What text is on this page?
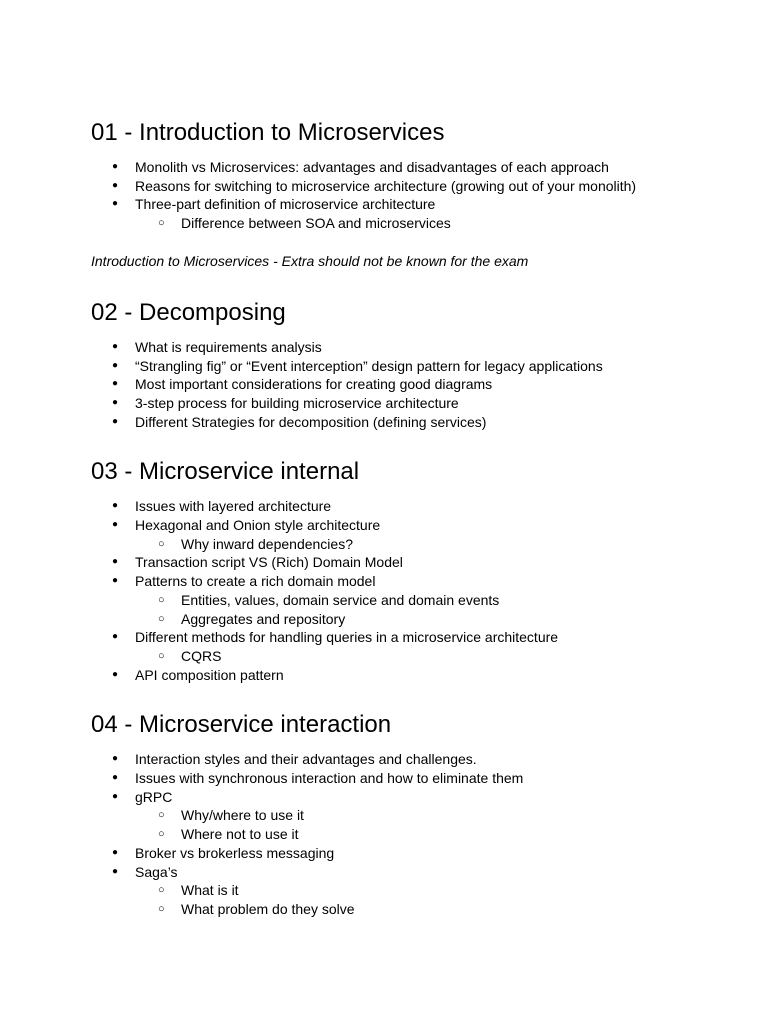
01 - Introduction to Microservices
● Monolith vs Microservices: advantages and disadvantages of each approach
● Reasons for switching to microservice architecture (growing out of your monolith)
● Three-part definition of microservice architecture
○ Difference between SOA and microservices

Introduction to Microservices - Extra should not be known for the exam

02 - Decomposing
● What is requirements analysis
● “Strangling fig” or “Event interception” design pattern for legacy applications
● Most important considerations for creating good diagrams
● 3-step process for building microservice architecture
● Different Strategies for decomposition (defining services)
03 - Microservice internal
● Issues with layered architecture
● Hexagonal and Onion style architecture
○ Why inward dependencies?
● Transaction script VS (Rich) Domain Model
● Patterns to create a rich domain model
○ Entities, values, domain service and domain events
○ Aggregates and repository
● Different methods for handling queries in a microservice architecture
○ CQRS
● API composition pattern
04 - Microservice interaction
● Interaction styles and their advantages and challenges.
● Issues with synchronous interaction and how to eliminate them
● gRPC
○ Why/where to use it
○ Where not to use it
● Broker vs brokerless messaging
● Saga’s
○ What is it
○ What problem do they solve
